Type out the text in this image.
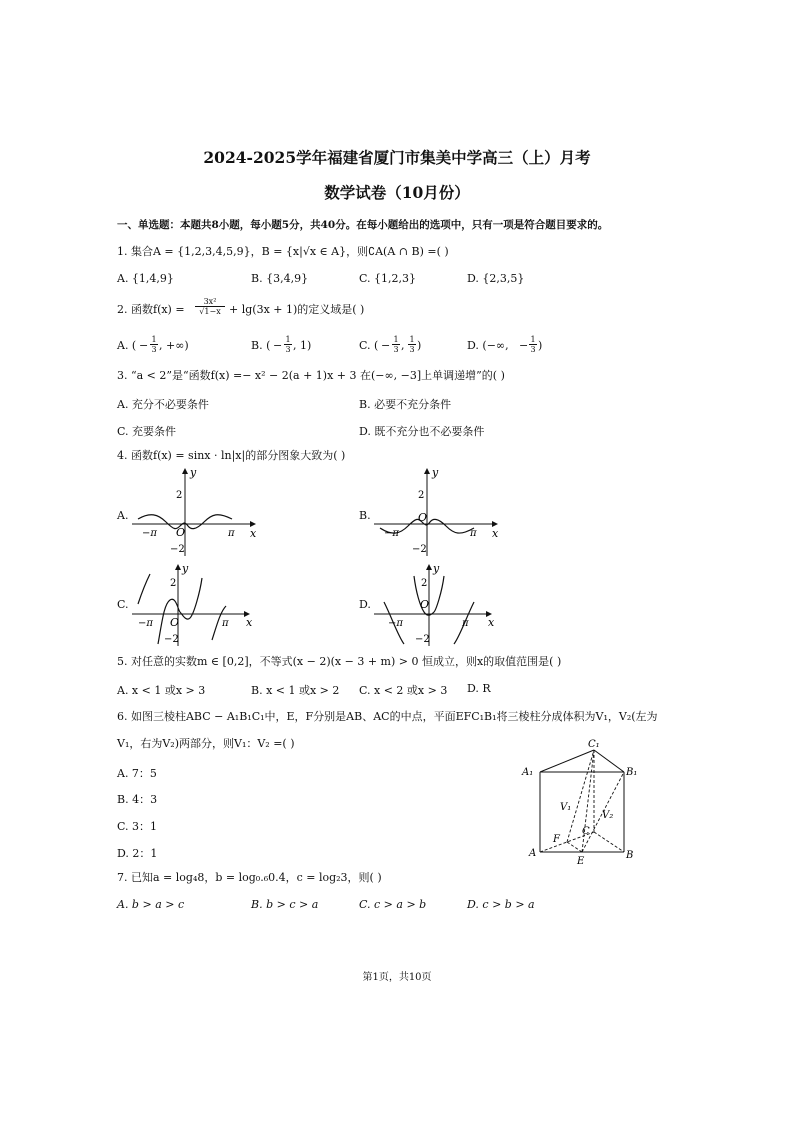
2024-2025学年福建省厦门市集美中学高三（上）月考
数学试卷（10月份）
一、单选题：本题共8小题，每小题5分，共40分。在每小题给出的选项中，只有一项是符合题目要求的。
1. 集合A = {1,2,3,4,5,9}，B = {x|√x ∈ A}，则∁A(A ∩ B) =( )
A. {1,4,9}	B. {3,4,9}	C. {1,2,3}	D. {2,3,5}
2. 函数f(x) =
3x²
√1−x + lg(3x + 1)的定义域是( )
A. ( − 1
3 , +∞)	B. ( − 1
3 , 1)	C. ( − 1
3 , 1
3 )	D. (−∞, − 1
3 )
3. “a < 2”是“函数f(x) =− x² − 2(a + 1)x + 3 在(−∞, −3]上单调递增”的( )
A. 充分不必要条件	B. 必要不充分条件
C. 充要条件	D. 既不充分也不必要条件
4. 函数f(x) = sinx · ln|x|的部分图象大致为( )
A.	B.
C.	D.
y
x
2
−2
O
−π	π
y
x
2
−2
O
−π	π
y
x
2
−2
O
−π	π
y
x
2
−2
O
−π	π
5. 对任意的实数m ∈ [0,2]，不等式(x − 2)(x − 3 + m) > 0 恒成立，则x的取值范围是( )
A. x < 1 或x > 3	B. x < 1 或x > 2 C. x < 2 或x > 3 D. R
6. 如图三棱柱ABC − A₁B₁C₁中，E，F分别是AB、AC的中点，平面EFC₁B₁将三棱柱分成体积为V₁，V₂(左为
V₁，右为V₂)两部分，则V₁：V₂ =( )
A. 7：5
B. 4：3
C. 3：1
D. 2：1
C₁
A₁	B₁
V₁
V₂
C
F
A	B
E
7. 已知a = log₄8，b = log₀.₆0.4，c = log₂3，则( )
A. b > a > c	B. b > c > a	C. c > a > b	D. c > b > a
第1页，共10页
